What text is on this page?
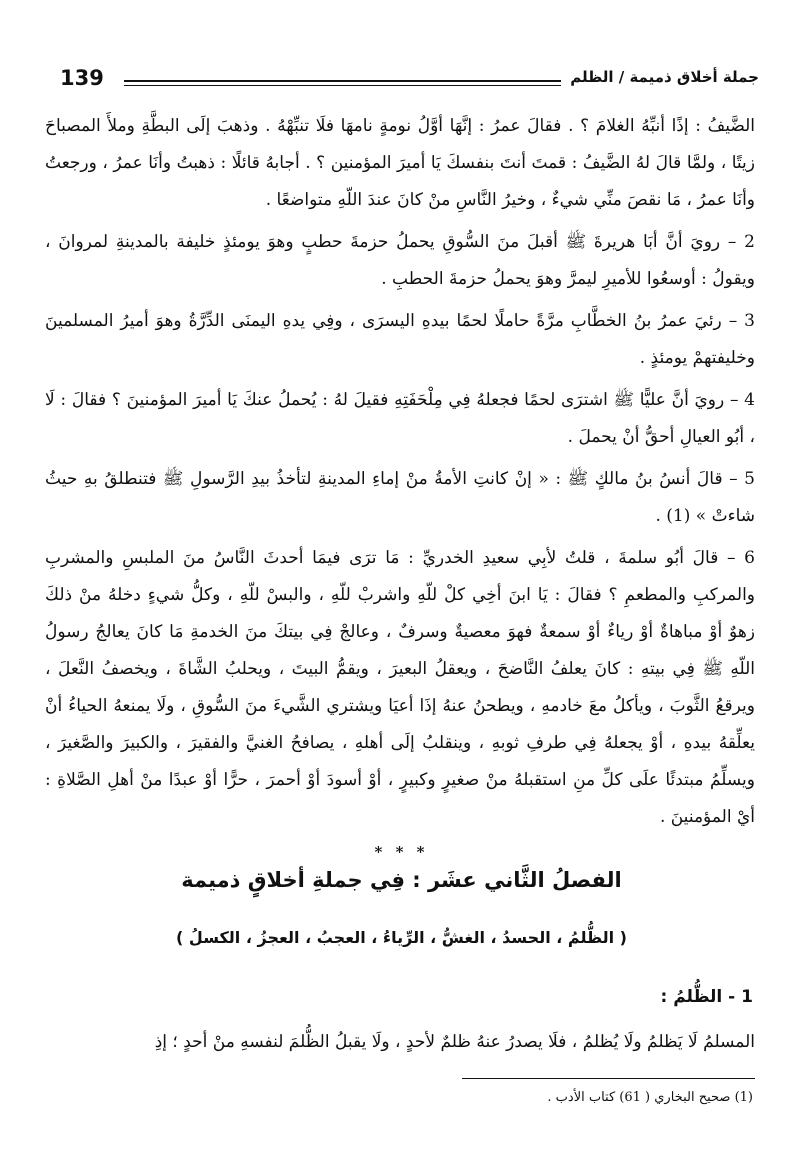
139	جملة أخلاق ذميمة / الظلم

الضَّيفُ : إذًا أنبِّهُ الغلامَ ؟ . فقالَ عمرُ : إنَّهَا أوَّلُ نومةٍ نامهَا فلَا تنبِّهْهُ . وذهبَ إلَى البطَّةِ وملأَ المصباحَ زيتًا ، ولمَّا قالَ لهُ الضَّيفُ : قمتَ أنتَ بنفسكَ يَا أميرَ المؤمنين ؟ . أجابهُ قائلًا : ذهبتُ وأنَا عمرُ ، ورجعتُ وأنَا عمرُ ، مَا نقصَ منِّي شيءٌ ، وخيرُ النَّاسِ منْ كانَ عندَ اللّهِ متواضعًا .

2 – رويَ أنَّ أبَا هريرةَ ﷺ أقبلَ منَ السُّوقِ يحملُ حزمةَ حطبٍ وهوَ يومئذٍ خليفة بالمدينةِ لمروانَ ، ويقولُ : أوسعُوا للأميرِ ليمرَّ وهوَ يحملُ حزمةَ الحطبِ .

3 – رئيَ عمرُ بنُ الخطَّابِ مرَّةً حاملًا لحمًا بيدهِ اليسرَى ، وفِي يدهِ اليمنَى الدِّرَّةُ وهوَ أميرُ المسلمينَ وخليفتهمْ يومئذٍ .

4 – رويَ أنَّ عليًّا ﷺ اشترَى لحمًا فجعلهُ فِي مِلْحَفَتِهِ فقيلَ لهُ : يُحملُ عنكَ يَا أميرَ المؤمنينَ ؟ فقالَ : لَا ، أبُو العيالِ أحقُّ أنْ يحملَ .

5 – قالَ أنسُ بنُ مالكٍ ﷺ : « إنْ كانتِ الأمةُ منْ إماءِ المدينةِ لتأخذُ بيدِ الرَّسولِ ﷺ فتنطلقُ بهِ حيثُ شاءتْ » (1) .

6 – قالَ أبُو سلمةَ ، قلتُ لأبِي سعيدِ الخدريِّ : مَا ترَى فيمَا أحدثَ النَّاسُ منَ الملبسِ والمشربِ والمركبِ والمطعمِ ؟ فقالَ : يَا ابنَ أخِي كلْ للّهِ واشربْ للّهِ ، والبسْ للّهِ ، وكلُّ شيءٍ دخلهُ منْ ذلكَ زهوٌ أوْ مباهاةٌ أوْ رياءٌ أوْ سمعةٌ فهوَ معصيةٌ وسرفٌ ، وعالجْ فِي بيتكَ منَ الخدمةِ مَا كانَ يعالجُ رسولُ اللّهِ ﷺ فِي بيتهِ : كانَ يعلفُ النَّاضحَ ، ويعقلُ البعيرَ ، ويقمُّ البيتَ ، ويحلبُ الشَّاةَ ، ويخصفُ النَّعلَ ، ويرقعُ الثَّوبَ ، ويأكلُ معَ خادمهِ ، ويطحنُ عنهُ إذَا أعيَا ويشتري الشَّيءَ منَ السُّوقِ ، ولَا يمنعهُ الحياءُ أنْ يعلِّقهُ بيدهِ ، أوْ يجعلهُ فِي طرفِ ثوبهِ ، وينقلبُ إلَى أهلهِ ، يصافحُ الغنيَّ والفقيرَ ، والكبيرَ والصَّغيرَ ، ويسلِّمُ مبتدئًا علَى كلِّ منِ استقبلهُ منْ صغيرٍ وكبيرٍ ، أوْ أسودَ أوْ أحمرَ ، حرًّا أوْ عبدًا منْ أهلِ الصَّلاةِ : أيْ المؤمنينَ .

* * *
الفصلُ الثَّاني عشَر : فِي جملةِ أخلاقٍ ذميمة
( الظُّلمُ ، الحسدُ ، الغشُّ ، الرِّياءُ ، العجبُ ، العجزُ ، الكسلُ )
1 - الظُّلمُ :
المسلمُ لَا يَظلمُ ولَا يُظلمُ ، فلَا يصدرُ عنهُ ظلمٌ لأحدٍ ، ولَا يقبلُ الظُّلمَ لنفسهِ منْ أحدٍ ؛ إذِ
(1) صحيح البخاري ( 61) كتاب الأدب .
